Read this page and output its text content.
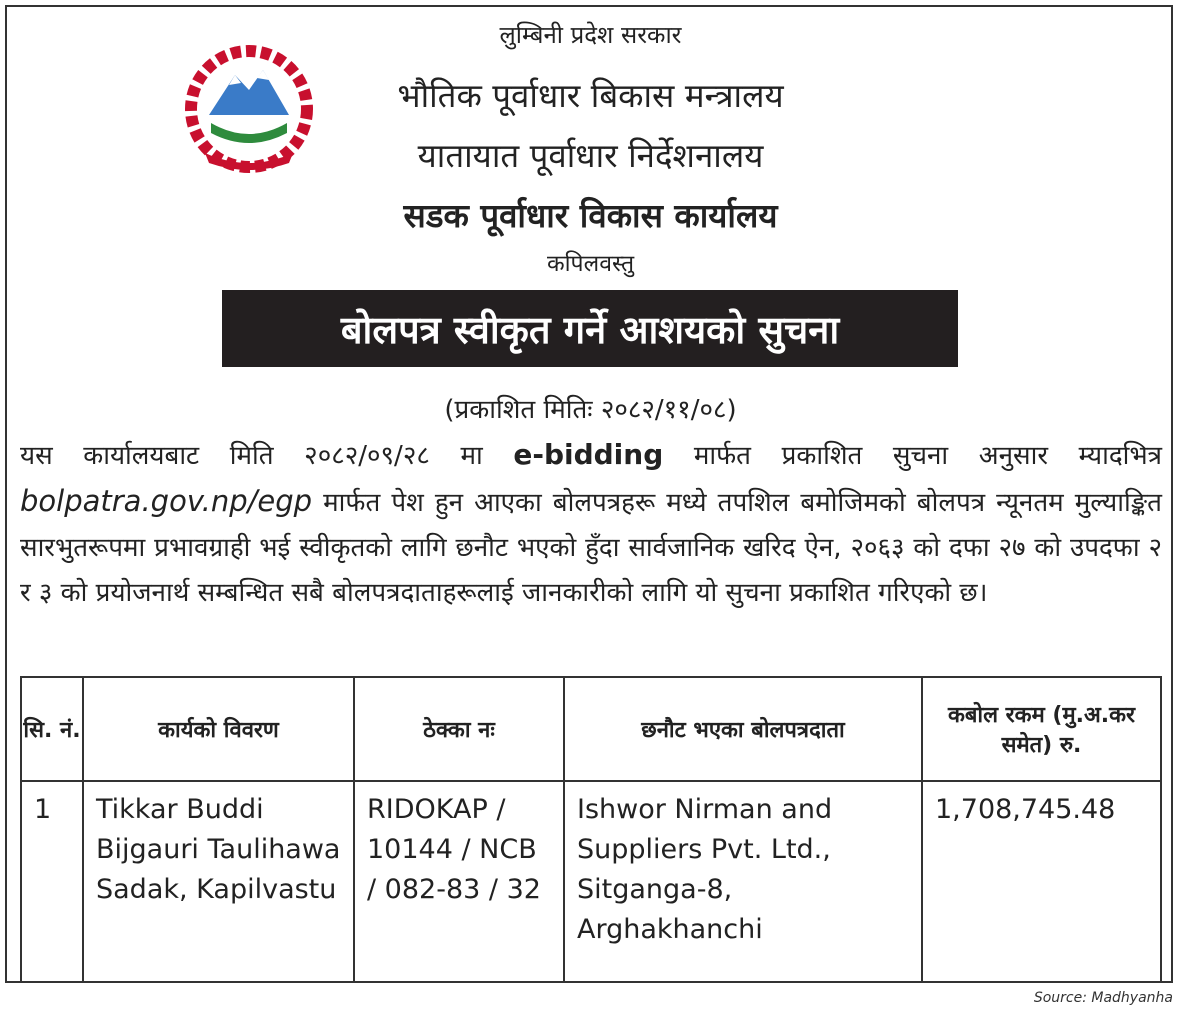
लुम्बिनी प्रदेश सरकार
भौतिक पूर्वाधार बिकास मन्त्रालय
यातायात पूर्वाधार निर्देशनालय
सडक पूर्वाधार विकास कार्यालय
कपिलवस्तु
बोलपत्र स्वीकृत गर्ने आशयको सुचना
(प्रकाशित मितिः २०८२/११/०८)
यस कार्यालयबाट मिति २०८२/०९/२८ मा e-bidding मार्फत प्रकाशित सुचना अनुसार म्यादभित्र bolpatra.gov.np/egp मार्फत पेश हुन आएका बोलपत्रहरू मध्ये तपशिल बमोजिमको बोलपत्र न्यूनतम मुल्याङ्कित सारभुतरूपमा प्रभावग्राही भई स्वीकृतको लागि छनौट भएको हुँदा सार्वजानिक खरिद ऐन, २०६३ को दफा २७ को उपदफा २ र ३ को प्रयोजनार्थ सम्बन्धित सबै बोलपत्रदाताहरूलाई जानकारीको लागि यो सुचना प्रकाशित गरिएको छ।
सि. नं.	कार्यको विवरण	ठेक्का नः	छनौट भएका बोलपत्रदाता	कबोल रकम (मु.अ.कर समेत) रु.
1	Tikkar Buddi Bijgauri Taulihawa Sadak, Kapilvastu	RIDOKAP / 10144 / NCB / 082-83 / 32	Ishwor Nirman and Suppliers Pvt. Ltd., Sitganga-8, Arghakhanchi	1,708,745.48
Source: Madhyanha
